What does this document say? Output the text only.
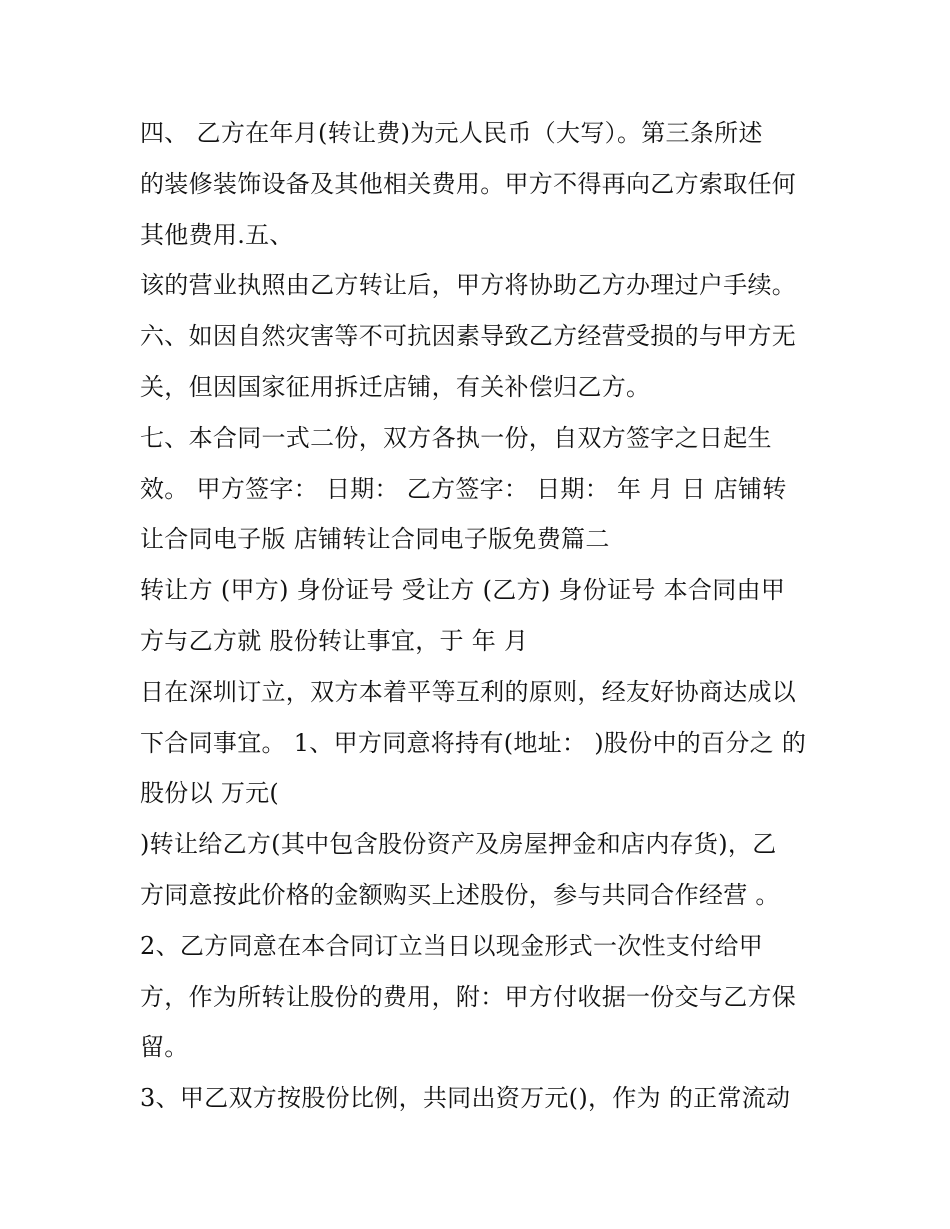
四、 乙方在年月(转让费)为元人民币（大写）。第三条所述
的装修装饰设备及其他相关费用。甲方不得再向乙方索取任何
其他费用.五、
该的营业执照由乙方转让后，甲方将协助乙方办理过户手续。
六、如因自然灾害等不可抗因素导致乙方经营受损的与甲方无
关，但因国家征用拆迁店铺，有关补偿归乙方。
七、本合同一式二份，双方各执一份，自双方签字之日起生
效。 甲方签字： 日期： 乙方签字： 日期： 年 月 日 店铺转
让合同电子版 店铺转让合同电子版免费篇二
转让方 (甲方) 身份证号 受让方 (乙方) 身份证号 本合同由甲
方与乙方就 股份转让事宜，于 年 月
日在深圳订立，双方本着平等互利的原则，经友好协商达成以
下合同事宜。 1、甲方同意将持有(地址： )股份中的百分之 的
股份以 万元(
)转让给乙方(其中包含股份资产及房屋押金和店内存货)，乙
方同意按此价格的金额购买上述股份，参与共同合作经营 。
2、乙方同意在本合同订立当日以现金形式一次性支付给甲
方，作为所转让股份的费用，附：甲方付收据一份交与乙方保
留。
3、甲乙双方按股份比例，共同出资万元()，作为 的正常流动
